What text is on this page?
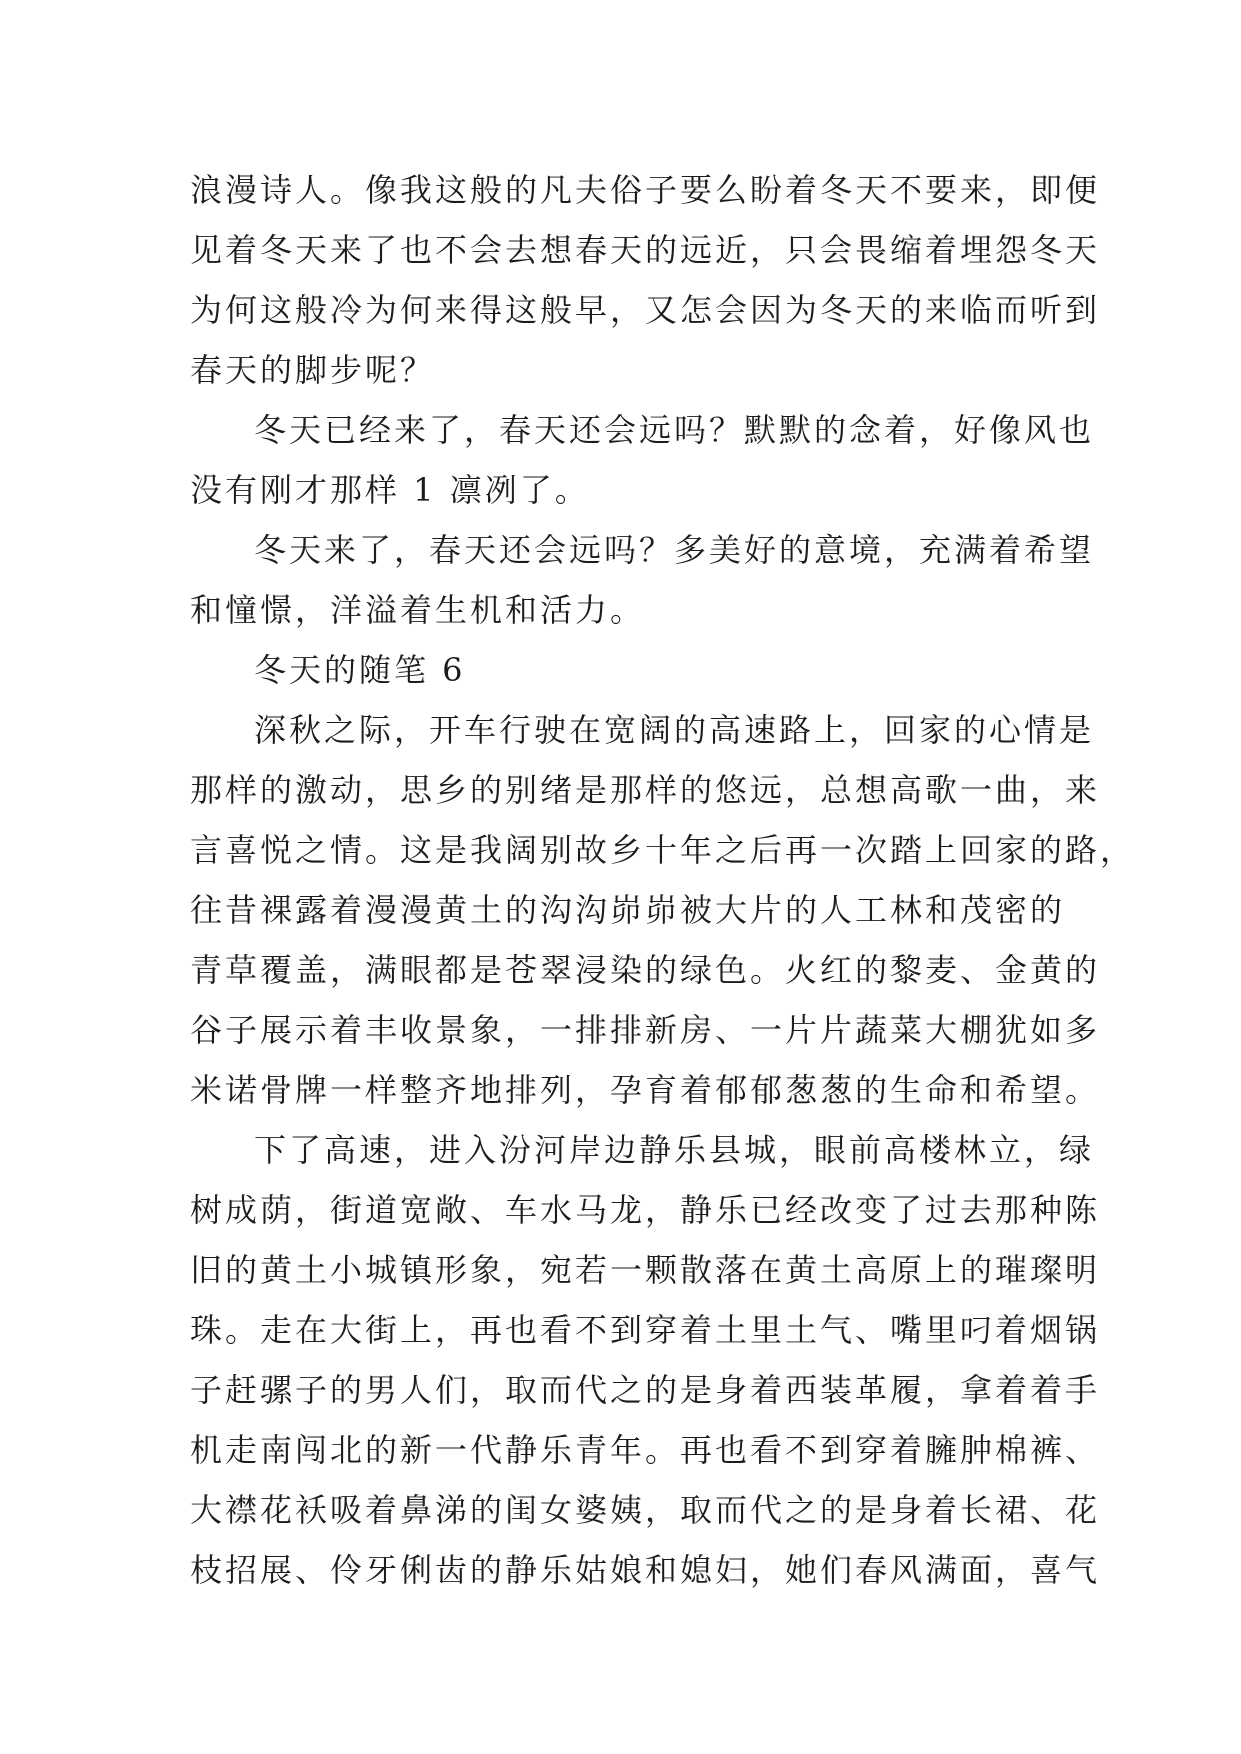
浪漫诗人。像我这般的凡夫俗子要么盼着冬天不要来，即便
见着冬天来了也不会去想春天的远近，只会畏缩着埋怨冬天
为何这般冷为何来得这般早，又怎会因为冬天的来临而听到
春天的脚步呢？
冬天已经来了，春天还会远吗？默默的念着，好像风也
没有刚才那样 1 凛冽了。
冬天来了，春天还会远吗？多美好的意境，充满着希望
和憧憬，洋溢着生机和活力。
冬天的随笔 6
深秋之际，开车行驶在宽阔的高速路上，回家的心情是
那样的激动，思乡的别绪是那样的悠远，总想高歌一曲，来
言喜悦之情。这是我阔别故乡十年之后再一次踏上回家的路，
往昔裸露着漫漫黄土的沟沟峁峁被大片的人工林和茂密的
青草覆盖，满眼都是苍翠浸染的绿色。火红的黎麦、金黄的
谷子展示着丰收景象，一排排新房、一片片蔬菜大棚犹如多
米诺骨牌一样整齐地排列，孕育着郁郁葱葱的生命和希望。
下了高速，进入汾河岸边静乐县城，眼前高楼林立，绿
树成荫，街道宽敞、车水马龙，静乐已经改变了过去那种陈
旧的黄土小城镇形象，宛若一颗散落在黄土高原上的璀璨明
珠。走在大街上，再也看不到穿着土里土气、嘴里叼着烟锅
子赶骡子的男人们，取而代之的是身着西装革履，拿着着手
机走南闯北的新一代静乐青年。再也看不到穿着臃肿棉裤、
大襟花袄吸着鼻涕的闺女婆姨，取而代之的是身着长裙、花
枝招展、伶牙俐齿的静乐姑娘和媳妇，她们春风满面，喜气
